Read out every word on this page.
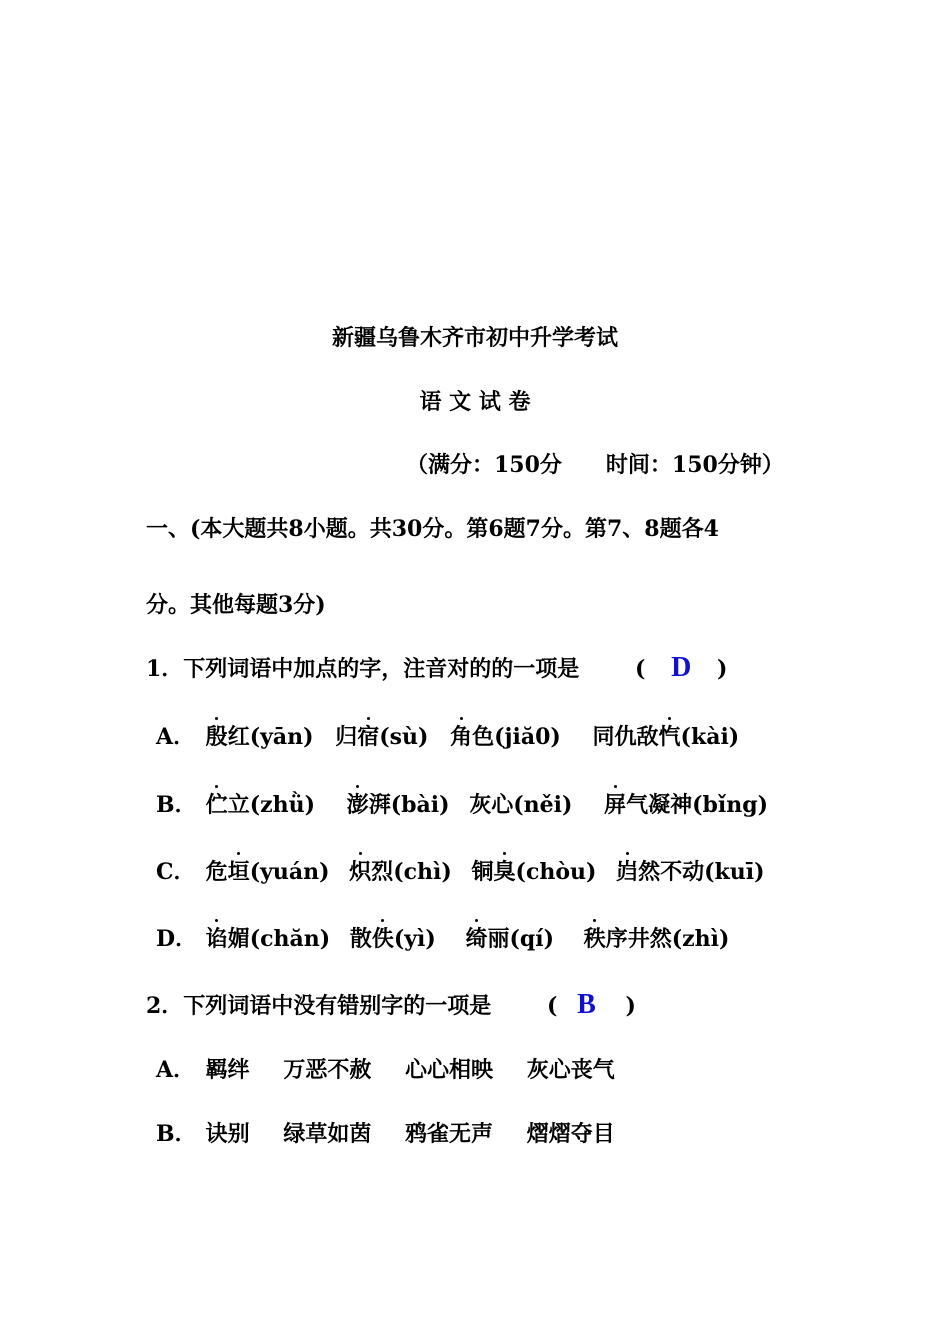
新疆乌鲁木齐市初中升学考试
语 文 试 卷
（满分：150分　　时间：150分钟）
一、(本大题共8小题。共30分。第6题7分。第7、8题各4
分。其他每题3分)
1．下列词语中加点的字，注音对的的一项是	( D )
A． 殷红(yān) 归宿(sù) 角色(jiă0) 同仇敌忾(kài)
B． 伫立(zhǜ) 澎湃(bài) 灰心(něi) 屏气凝神(bǐng)
C． 危垣(yuán) 炽烈(chì) 铜臭(chòu) 岿然不动(kuī)
D． 谄媚(chăn) 散佚(yì) 绮丽(qí) 秩序井然(zhì)
2．下列词语中没有错别字的一项是	( B )
A． 羁绊 万恶不赦 心心相映 灰心丧气
B． 诀别 绿草如茵 鸦雀无声 熠熠夺目
